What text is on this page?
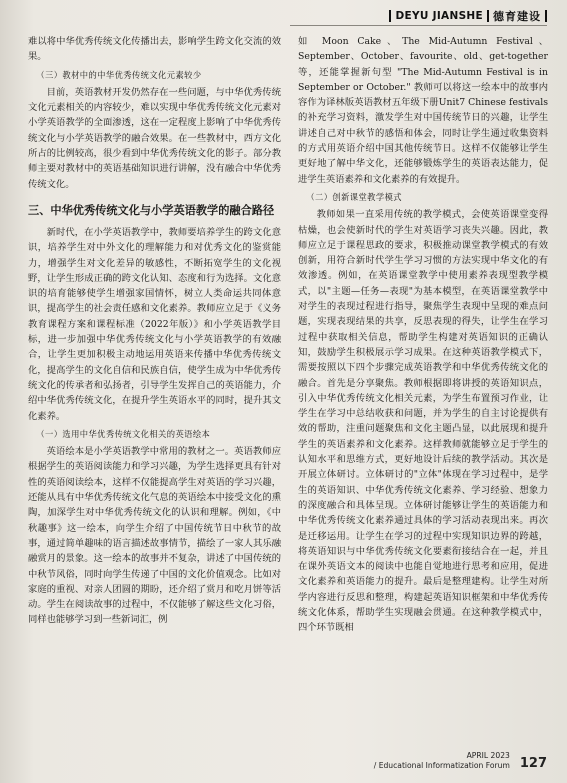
DEYU JIANSHE 德育建设

难以将中华优秀传统文化传播出去，影响学生跨文化交流的效果。

（三）教材中的中华优秀传统文化元素较少

目前，英语教材开发仍然存在一些问题，与中华优秀传统文化元素相关的内容较少，难以实现中华优秀传统文化元素对小学英语教学的全面渗透，这在一定程度上影响了中华优秀传统文化与小学英语教学的融合效果。在一些教材中，西方文化所占的比例较高，很少看到中华优秀传统文化的影子。部分教师主要对教材中的英语基础知识进行讲解，没有融合中华优秀传统文化。

三、中华优秀传统文化与小学英语教学的融合路径

新时代，在小学英语教学中，教师要培养学生的跨文化意识，培养学生对中外文化的理解能力和对优秀文化的鉴赏能力，增强学生对文化差异的敏感性，不断拓宽学生的文化视野，让学生形成正确的跨文化认知、态度和行为选择。文化意识的培育能够使学生增强家国情怀，树立人类命运共同体意识，提高学生的社会责任感和文化素养。教师应立足于《义务教育课程方案和课程标准（2022年版）》和小学英语教学目标，进一步加强中华优秀传统文化与小学英语教学的有效融合，让学生更加积极主动地运用英语来传播中华优秀传统文化，提高学生的文化自信和民族自信，使学生成为中华优秀传统文化的传承者和弘扬者，引导学生发挥自己的英语能力，介绍中华优秀传统文化，在提升学生英语水平的同时，提升其文化素养。

（一）选用中华优秀传统文化相关的英语绘本

英语绘本是小学英语教学中常用的教材之一。英语教师应根据学生的英语阅读能力和学习兴趣，为学生选择更具有针对性的英语阅读绘本，这样不仅能提高学生对英语的学习兴趣，还能从具有中华优秀传统文化气息的英语绘本中接受文化的熏陶，加深学生对中华优秀传统文化的认识和理解。例如，《中秋趣事》这一绘本，向学生介绍了中国传统节日中秋节的故事，通过简单趣味的语言描述故事情节，描绘了一家人其乐融融赏月的景象。这一绘本的故事并不复杂，讲述了中国传统的中秋节风俗，同时向学生传递了中国的文化价值观念。比如对家庭的重视、对亲人团圆的期盼，还介绍了赏月和吃月饼等活动。学生在阅读故事的过程中，不仅能够了解这些文化习俗，同样也能够学习到一些新词汇，例

如 Moon Cake、The Mid-Autumn Festival、September、October、favourite、old、get-together等，还能掌握新句型 "The Mid-Autumn Festival is in September or October." 教师可以将这一绘本中的故事内容作为译林版英语教材五年级下册Unit7 Chinese festivals的补充学习资料，激发学生对中国传统节日的兴趣，让学生讲述自己对中秋节的感悟和体会，同时让学生通过收集资料的方式用英语介绍中国其他传统节日。这样不仅能够让学生更好地了解中华文化，还能够锻炼学生的英语表达能力，促进学生英语素养和文化素养的有效提升。

（二）创新课堂教学模式

教师如果一直采用传统的教学模式，会使英语课堂变得枯燥，也会使新时代的学生对英语学习丧失兴趣。因此，教师应立足于课程思政的要求，积极推动课堂教学模式的有效创新，用符合新时代学生学习习惯的方法实现中华文化的有效渗透。例如，在英语课堂教学中使用素养表现型教学模式，以"主题—任务—表现"为基本模型，在英语课堂教学中对学生的表现过程进行指导，聚焦学生表现中呈现的难点问题，实现表现结果的共享，反思表现的得失，让学生在学习过程中获取相关信息，帮助学生构建对英语知识的正确认知，鼓励学生积极展示学习成果。在这种英语教学模式下，需要按照以下四个步骤完成英语教学和中华优秀传统文化的融合。首先是分享聚焦。教师根据即将讲授的英语知识点，引入中华优秀传统文化相关元素，为学生布置预习作业，让学生在学习中总结收获和问题，并为学生的自主讨论提供有效的帮助，注重问题聚焦和文化主题凸显，以此展现和提升学生的英语素养和文化素养。这样教师就能够立足于学生的认知水平和思维方式，更好地设计后续的教学活动。其次是开展立体研讨。立体研讨的"立体"体现在学习过程中，是学生的英语知识、中华优秀传统文化素养、学习经验、想象力的深度融合和具体呈现。立体研讨能够让学生的英语能力和中华优秀传统文化素养通过具体的学习活动表现出来。再次是迁移运用。让学生在学习的过程中实现知识边界的跨越，将英语知识与中华优秀传统文化要素衔接结合在一起，并且在课外英语文本的阅读中也能自觉地进行思考和应用，促进文化素养和英语能力的提升。最后是整理建构。让学生对所学内容进行反思和整理，构建起英语知识框架和中华优秀传统文化体系，帮助学生实现融会贯通。在这种教学模式中，四个环节既相

APRIL 2023
/ Educational Informatization Forum 127
